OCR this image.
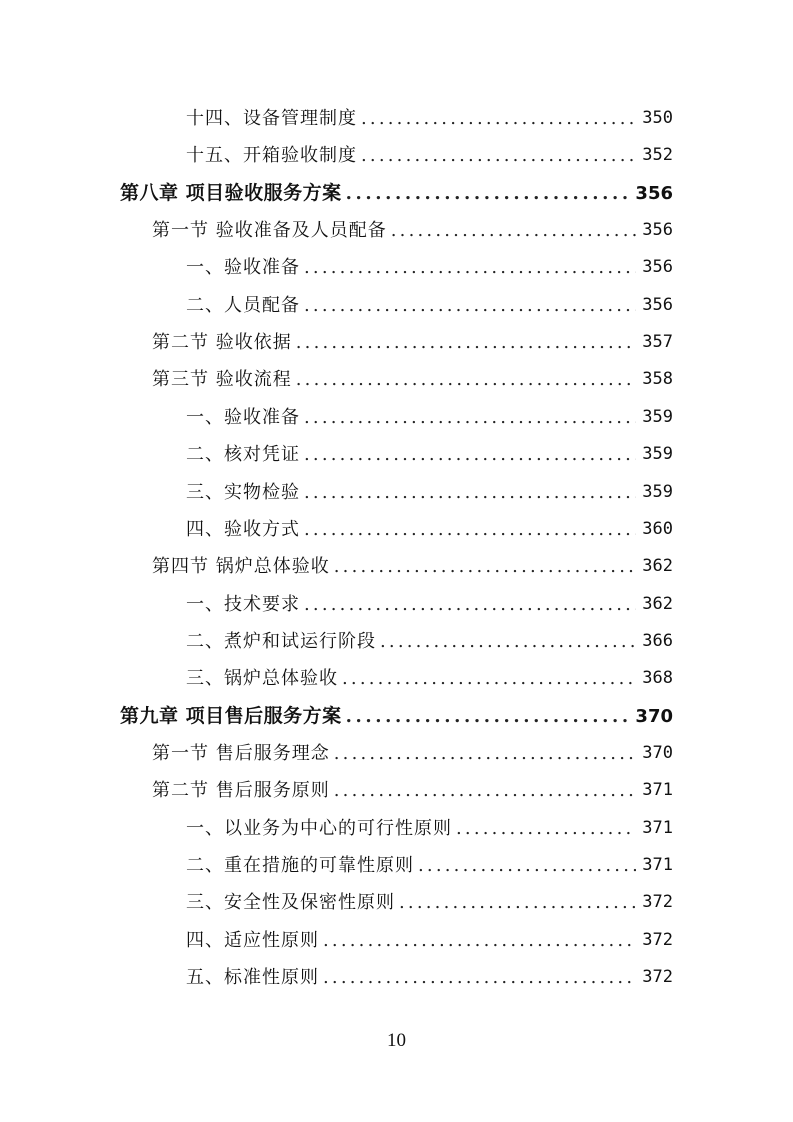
十四、设备管理制度 .....	350
十五、开箱验收制度 .....	352
第八章 项目验收服务方案 .....	356
第一节 验收准备及人员配备 .....	356
一、验收准备 .....	356
二、人员配备 .....	356
第二节 验收依据 .....	357
第三节 验收流程 .....	358
一、验收准备 .....	359
二、核对凭证 .....	359
三、实物检验 .....	359
四、验收方式 .....	360
第四节 锅炉总体验收 .....	362
一、技术要求 .....	362
二、煮炉和试运行阶段 .....	366
三、锅炉总体验收 .....	368
第九章 项目售后服务方案 .....	370
第一节 售后服务理念 .....	370
第二节 售后服务原则 .....	371
一、以业务为中心的可行性原则 .....	371
二、重在措施的可靠性原则 .....	371
三、安全性及保密性原则 .....	372
四、适应性原则 .....	372
五、标准性原则 .....	372
10
